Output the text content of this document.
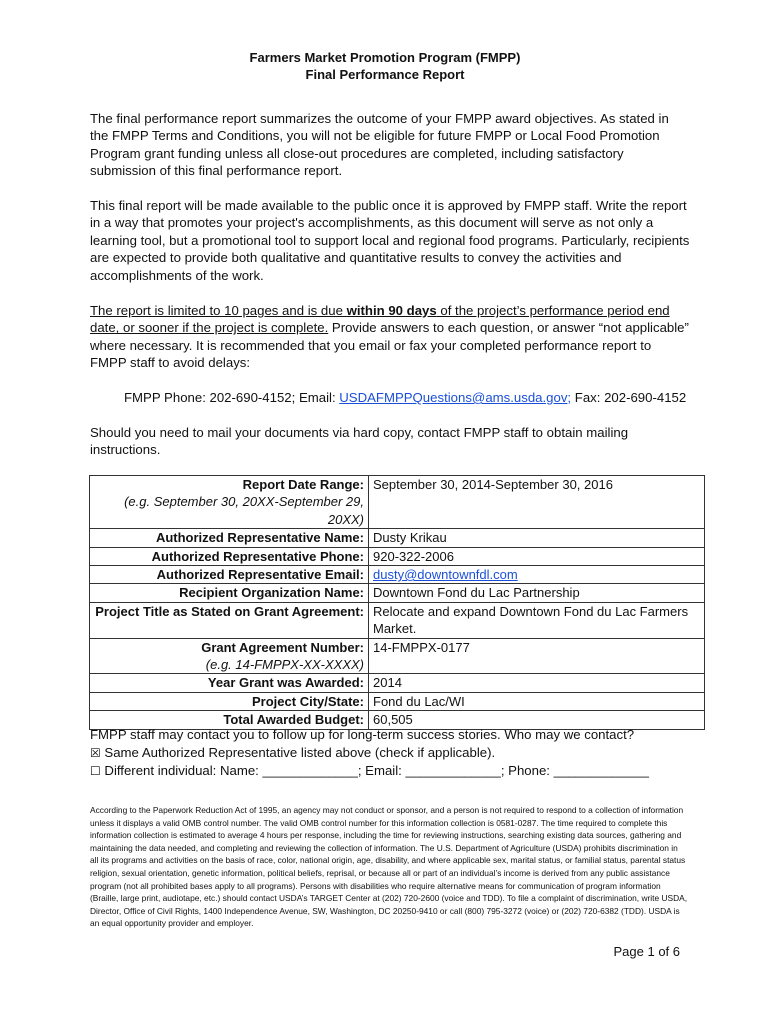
Farmers Market Promotion Program (FMPP)
Final Performance Report
The final performance report summarizes the outcome of your FMPP award objectives. As stated in the FMPP Terms and Conditions, you will not be eligible for future FMPP or Local Food Promotion Program grant funding unless all close-out procedures are completed, including satisfactory submission of this final performance report.
This final report will be made available to the public once it is approved by FMPP staff. Write the report in a way that promotes your project's accomplishments, as this document will serve as not only a learning tool, but a promotional tool to support local and regional food programs. Particularly, recipients are expected to provide both qualitative and quantitative results to convey the activities and accomplishments of the work.
The report is limited to 10 pages and is due within 90 days of the project’s performance period end date, or sooner if the project is complete. Provide answers to each question, or answer “not applicable” where necessary. It is recommended that you email or fax your completed performance report to FMPP staff to avoid delays:
FMPP Phone: 202-690-4152; Email: USDAFMPPQuestions@ams.usda.gov; Fax: 202-690-4152
Should you need to mail your documents via hard copy, contact FMPP staff to obtain mailing instructions.
Report Date Range:	September 30, 2014-September 30, 2016
(e.g. September 30, 20XX-September 29, 20XX)	
Authorized Representative Name:	Dusty Krikau
Authorized Representative Phone:	920-322-2006
Authorized Representative Email:	dusty@downtownfdl.com
Recipient Organization Name:	Downtown Fond du Lac Partnership
Project Title as Stated on Grant Agreement:	Relocate and expand Downtown Fond du Lac Farmers Market.
Grant Agreement Number:	14-FMPPX-0177
(e.g. 14-FMPPX-XX-XXXX)	
Year Grant was Awarded:	2014
Project City/State:	Fond du Lac/WI
Total Awarded Budget:	60,505
FMPP staff may contact you to follow up for long-term success stories. Who may we contact?
☒ Same Authorized Representative listed above (check if applicable).
☐ Different individual: Name: _____________; Email: _____________; Phone: _____________
According to the Paperwork Reduction Act of 1995, an agency may not conduct or sponsor, and a person is not required to respond to a collection of information unless it displays a valid OMB control number. The valid OMB control number for this information collection is 0581-0287. The time required to complete this information collection is estimated to average 4 hours per response, including the time for reviewing instructions, searching existing data sources, gathering and maintaining the data needed, and completing and reviewing the collection of information. The U.S. Department of Agriculture (USDA) prohibits discrimination in all its programs and activities on the basis of race, color, national origin, age, disability, and where applicable sex, marital status, or familial status, parental status religion, sexual orientation, genetic information, political beliefs, reprisal, or because all or part of an individual’s income is derived from any public assistance program (not all prohibited bases apply to all programs). Persons with disabilities who require alternative means for communication of program information (Braille, large print, audiotape, etc.) should contact USDA’s TARGET Center at (202) 720-2600 (voice and TDD). To file a complaint of discrimination, write USDA, Director, Office of Civil Rights, 1400 Independence Avenue, SW, Washington, DC 20250-9410 or call (800) 795-3272 (voice) or (202) 720-6382 (TDD). USDA is an equal opportunity provider and employer.
Page 1 of 6
